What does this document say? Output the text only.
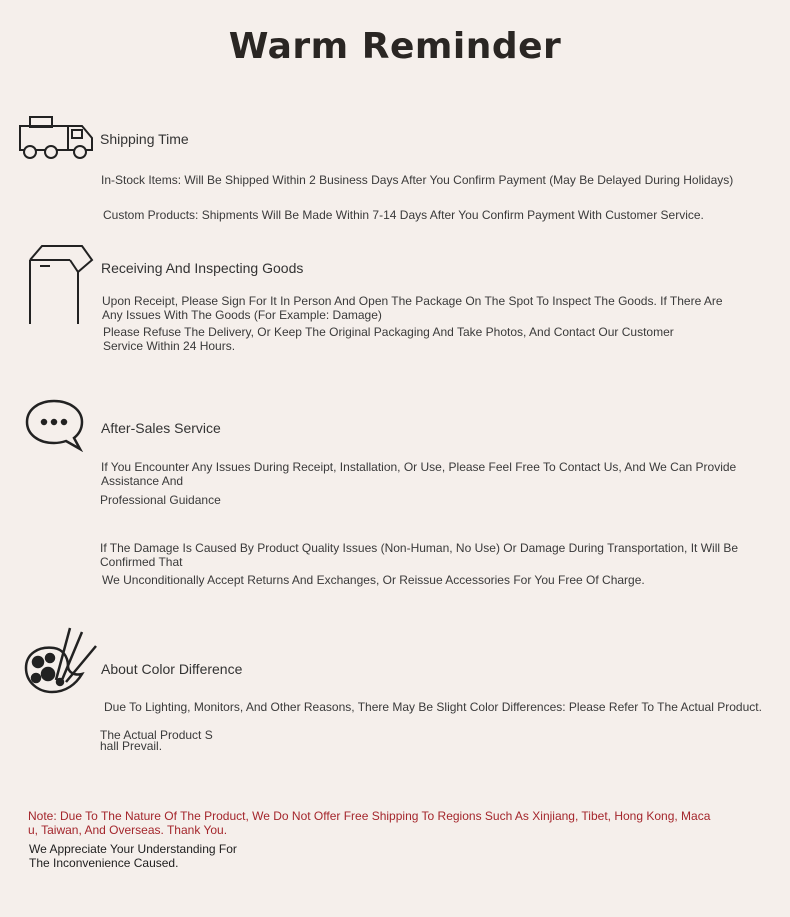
Warm Reminder
Shipping Time
In-Stock Items: Will Be Shipped Within 2 Business Days After You Confirm Payment (May Be Delayed During Holidays)
Custom Products: Shipments Will Be Made Within 7-14 Days After You Confirm Payment With Customer Service.
Receiving And Inspecting Goods
Upon Receipt, Please Sign For It In Person And Open The Package On The Spot To Inspect The Goods. If There Are
Any Issues With The Goods (For Example: Damage)
Please Refuse The Delivery, Or Keep The Original Packaging And Take Photos, And Contact Our Customer
Service Within 24 Hours.
After-Sales Service
If You Encounter Any Issues During Receipt, Installation, Or Use, Please Feel Free To Contact Us, And We Can Provide Assistance And
Professional Guidance
If The Damage Is Caused By Product Quality Issues (Non-Human, No Use) Or Damage During Transportation, It Will Be Confirmed That
We Unconditionally Accept Returns And Exchanges, Or Reissue Accessories For You Free Of Charge.
About Color Difference
Due To Lighting, Monitors, And Other Reasons, There May Be Slight Color Differences: Please Refer To The Actual Product.
The Actual Product S
hall Prevail.
Note: Due To The Nature Of The Product, We Do Not Offer Free Shipping To Regions Such As Xinjiang, Tibet, Hong Kong, Maca
u, Taiwan, And Overseas. Thank You.
We Appreciate Your Understanding For
The Inconvenience Caused.
